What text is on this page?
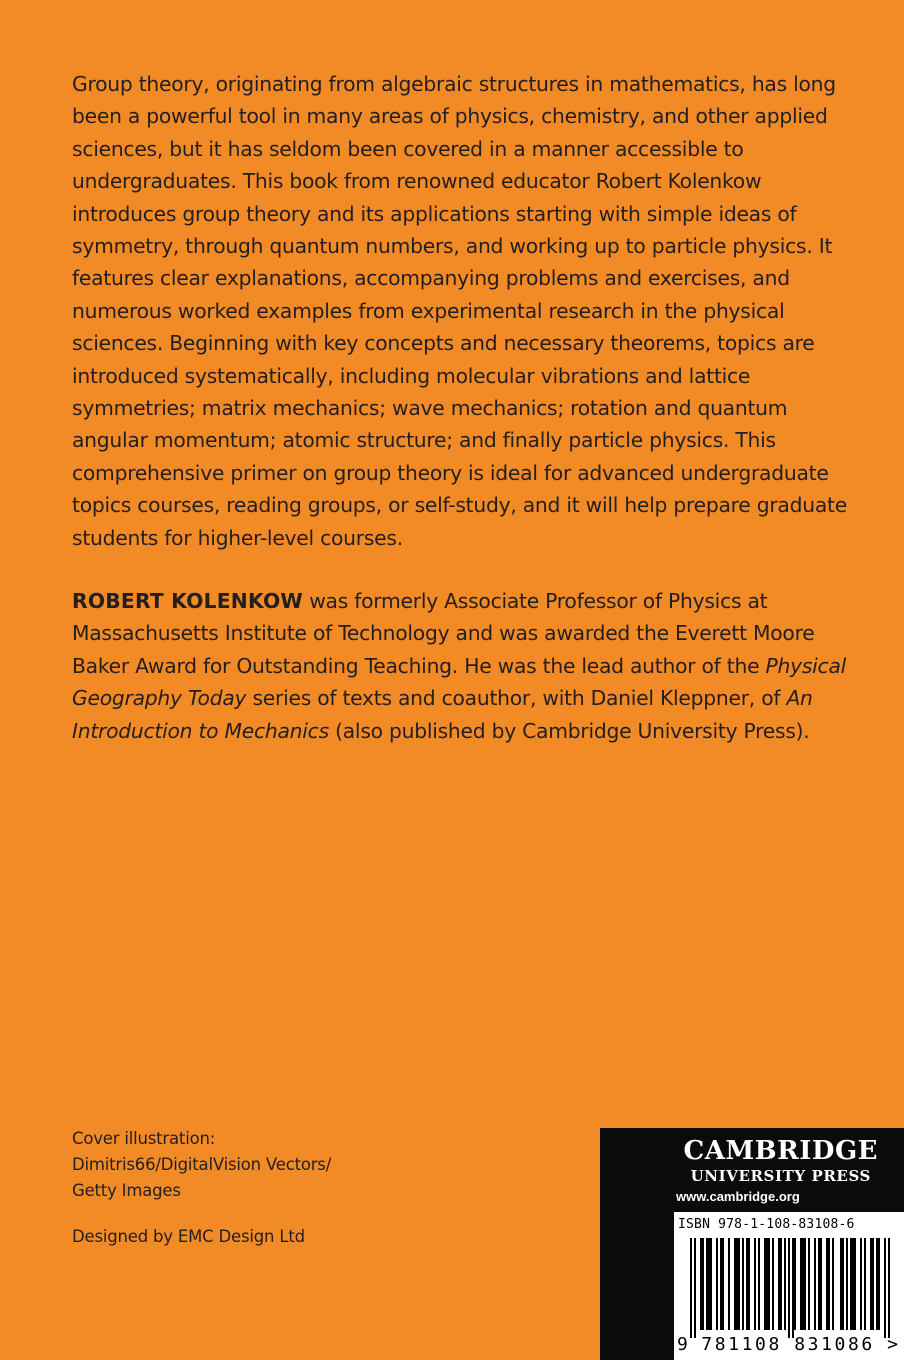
Group theory, originating from algebraic structures in mathematics, has long been a powerful tool in many areas of physics, chemistry, and other applied sciences, but it has seldom been covered in a manner accessible to undergraduates. This book from renowned educator Robert Kolenkow introduces group theory and its applications starting with simple ideas of symmetry, through quantum numbers, and working up to particle physics. It features clear explanations, accompanying problems and exercises, and numerous worked examples from experimental research in the physical sciences. Beginning with key concepts and necessary theorems, topics are introduced systematically, including molecular vibrations and lattice symmetries; matrix mechanics; wave mechanics; rotation and quantum angular momentum; atomic structure; and finally particle physics. This comprehensive primer on group theory is ideal for advanced undergraduate topics courses, reading groups, or self-study, and it will help prepare graduate students for higher-level courses.
ROBERT KOLENKOW was formerly Associate Professor of Physics at Massachusetts Institute of Technology and was awarded the Everett Moore Baker Award for Outstanding Teaching. He was the lead author of the Physical Geography Today series of texts and coauthor, with Daniel Kleppner, of An Introduction to Mechanics (also published by Cambridge University Press).

Cover illustration: Dimitris66/DigitalVision Vectors/ Getty Images

Designed by EMC Design Ltd

CAMBRIDGE
UNIVERSITY PRESS
www.cambridge.org
ISBN 978-1-108-83108-6
9 781108 831086 >
